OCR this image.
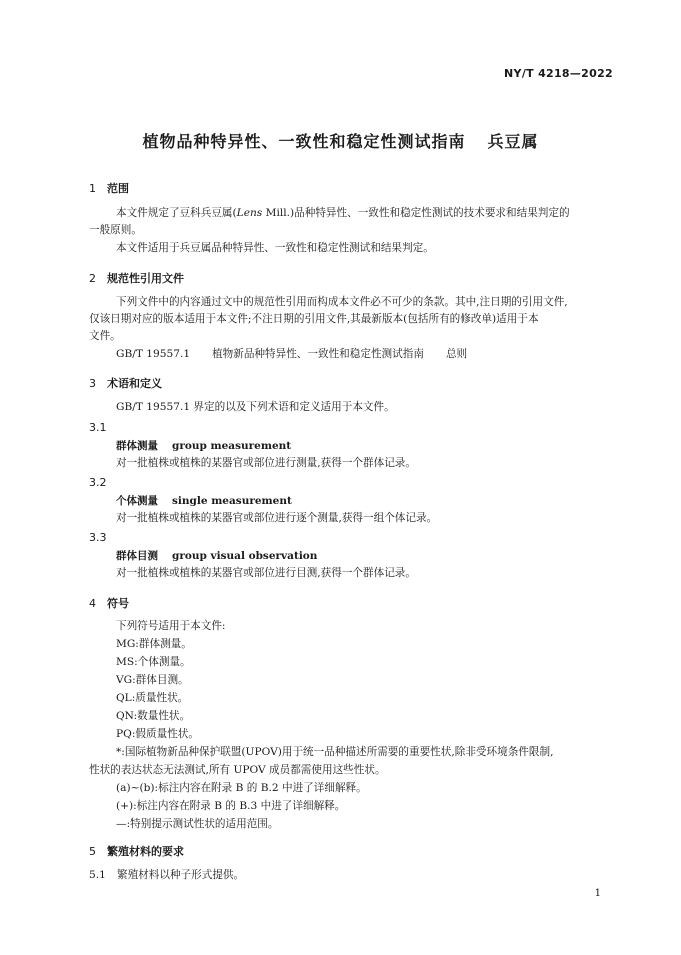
NY/T 4218—2022
植物品种特异性、一致性和稳定性测试指南 兵豆属
1 范围
本文件规定了豆科兵豆属(Lens Mill.)品种特异性、一致性和稳定性测试的技术要求和结果判定的
一般原则。
本文件适用于兵豆属品种特异性、一致性和稳定性测试和结果判定。
2 规范性引用文件
下列文件中的内容通过文中的规范性引用而构成本文件必不可少的条款。其中,注日期的引用文件,
仅该日期对应的版本适用于本文件;不注日期的引用文件,其最新版本(包括所有的修改单)适用于本
文件。
GB/T 19557.1 植物新品种特异性、一致性和稳定性测试指南 总则
3 术语和定义
GB/T 19557.1 界定的以及下列术语和定义适用于本文件。
3.1
群体测量 group measurement
对一批植株或植株的某器官或部位进行测量,获得一个群体记录。
3.2
个体测量 single measurement
对一批植株或植株的某器官或部位进行逐个测量,获得一组个体记录。
3.3
群体目测 group visual observation
对一批植株或植株的某器官或部位进行目测,获得一个群体记录。
4 符号
下列符号适用于本文件:
MG:群体测量。
MS:个体测量。
VG:群体目测。
QL:质量性状。
QN:数量性状。
PQ:假质量性状。
*:国际植物新品种保护联盟(UPOV)用于统一品种描述所需要的重要性状,除非受环境条件限制,
性状的表达状态无法测试,所有 UPOV 成员都需使用这些性状。
(a)~(b):标注内容在附录 B 的 B.2 中进了详细解释。
(+):标注内容在附录 B 的 B.3 中进了详细解释。
—:特别提示测试性状的适用范围。
5 繁殖材料的要求
5.1 繁殖材料以种子形式提供。
1
